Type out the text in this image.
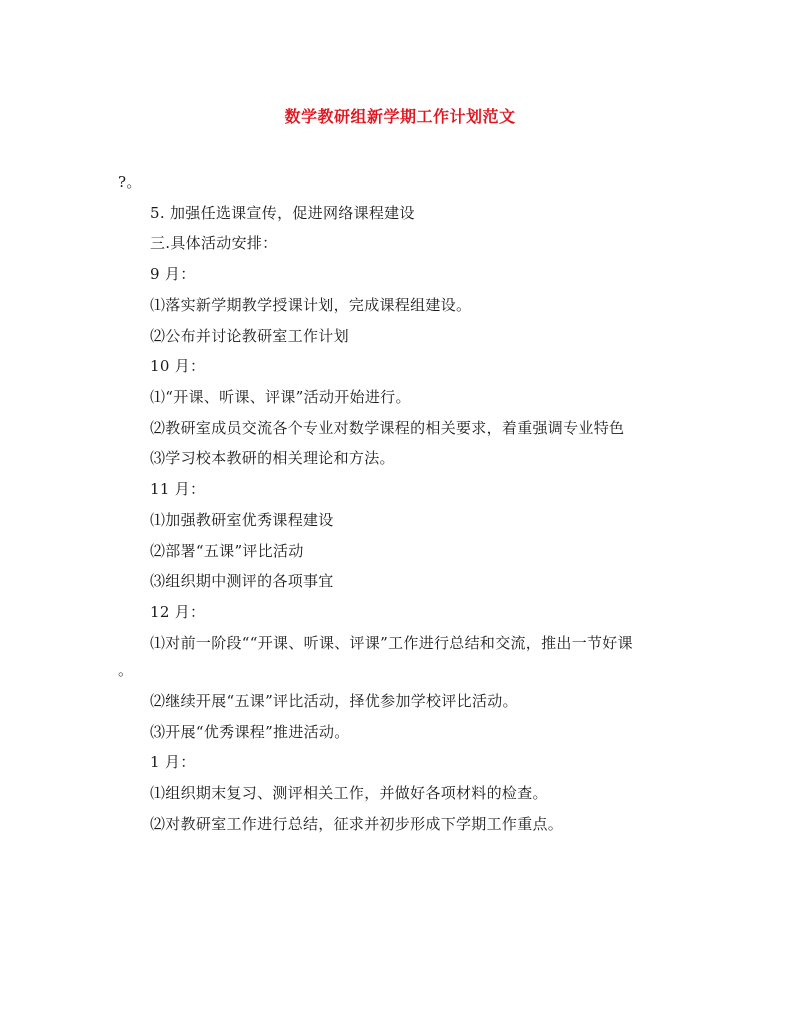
数学教研组新学期工作计划范文
?。
5. 加强任选课宣传，促进网络课程建设
三.具体活动安排：
9 月：
⑴落实新学期教学授课计划，完成课程组建设。
⑵公布并讨论教研室工作计划
10 月：
⑴“开课、听课、评课”活动开始进行。
⑵教研室成员交流各个专业对数学课程的相关要求，着重强调专业特色
⑶学习校本教研的相关理论和方法。
11 月：
⑴加强教研室优秀课程建设
⑵部署“五课”评比活动
⑶组织期中测评的各项事宜
12 月：
⑴对前一阶段““开课、听课、评课”工作进行总结和交流，推出一节好课
。
⑵继续开展“五课”评比活动，择优参加学校评比活动。
⑶开展“优秀课程”推进活动。
1 月：
⑴组织期末复习、测评相关工作，并做好各项材料的检查。
⑵对教研室工作进行总结，征求并初步形成下学期工作重点。
